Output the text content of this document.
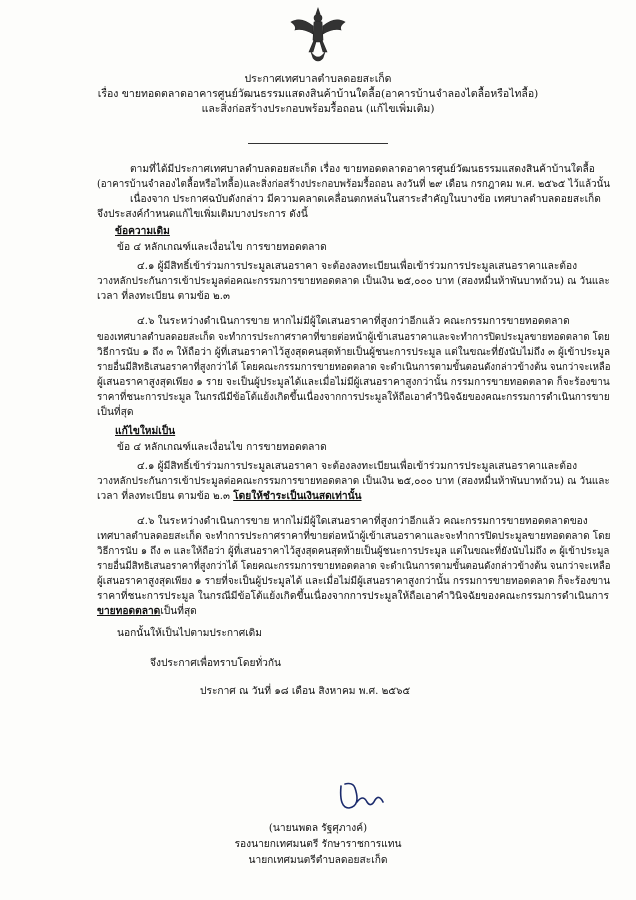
ประกาศเทศบาลตำบลดอยสะเก็ด
เรื่อง ขายทอดตลาดอาคารศูนย์วัฒนธรรมแสดงสินค้าบ้านใตลื้อ(อาคารบ้านจำลองไตลื้อหรือไทลื้อ)
และสิ่งก่อสร้างประกอบพร้อมรื้อถอน (แก้ไขเพิ่มเติม)
ตามที่ได้มีประกาศเทศบาลตำบลดอยสะเก็ด เรื่อง ขายทอดตลาดอาคารศูนย์วัฒนธรรมแสดงสินค้าบ้านใตลื้อ
(อาคารบ้านจำลองไตลื้อหรือไทลื้อ)และสิ่งก่อสร้างประกอบพร้อมรื้อถอน ลงวันที่ ๒๙ เดือน กรกฎาคม พ.ศ. ๒๕๖๕ ไว้แล้วนั้น
เนื่องจาก ประกาศฉบับดังกล่าว มีความคลาดเคลื่อนตกหล่นในสาระสำคัญในบางข้อ เทศบาลตำบลดอยสะเก็ด
จึงประสงค์กำหนดแก้ไขเพิ่มเติมบางประการ ดังนี้
ข้อความเดิม
ข้อ ๔ หลักเกณฑ์และเงื่อนไข การขายทอดตลาด
๔.๑ ผู้มีสิทธิ์เข้าร่วมการประมูลเสนอราคา จะต้องลงทะเบียนเพื่อเข้าร่วมการประมูลเสนอราคาและต้อง
วางหลักประกันการเข้าประมูลต่อคณะกรรมการขายทอดตลาด เป็นเงิน ๒๕,๐๐๐ บาท (สองหมื่นห้าพันบาทถ้วน) ณ วันและ
เวลา ที่ลงทะเบียน ตามข้อ ๒.๓
๔.๖ ในระหว่างดำเนินการขาย หากไม่มีผู้ใดเสนอราคาที่สูงกว่าอีกแล้ว คณะกรรมการขายทอดตลาด
ของเทศบาลตำบลดอยสะเก็ด จะทำการประกาศราคาที่ขายต่อหน้าผู้เข้าเสนอราคาและจะทำการปิดประมูลขายทอดตลาด โดย
วิธีการนับ ๑ ถึง ๓ ให้ถือว่า ผู้ที่เสนอราคาไว้สูงสุดคนสุดท้ายเป็นผู้ชนะการประมูล แต่ในขณะที่ยังนับไม่ถึง ๓ ผู้เข้าประมูล
รายอื่นมีสิทธิเสนอราคาที่สูงกว่าได้ โดยคณะกรรมการขายทอดตลาด จะดำเนินการตามขั้นตอนดังกล่าวข้างต้น จนกว่าจะเหลือ
ผู้เสนอราคาสูงสุดเพียง ๑ ราย จะเป็นผู้ประมูลได้และเมื่อไม่มีผู้เสนอราคาสูงกว่านั้น กรรมการขายทอดตลาด ก็จะร้องขาน
ราคาที่ชนะการประมูล ในกรณีมีข้อโต้แย้งเกิดขึ้นเนื่องจากการประมูลให้ถือเอาคำวินิจฉัยของคณะกรรมการดำเนินการขาย
เป็นที่สุด
แก้ไขใหม่เป็น
ข้อ ๔ หลักเกณฑ์และเงื่อนไข การขายทอดตลาด
๔.๑ ผู้มีสิทธิ์เข้าร่วมการประมูลเสนอราคา จะต้องลงทะเบียนเพื่อเข้าร่วมการประมูลเสนอราคาและต้อง
วางหลักประกันการเข้าประมูลต่อคณะกรรมการขายทอดตลาด เป็นเงิน ๒๕,๐๐๐ บาท (สองหมื่นห้าพันบาทถ้วน) ณ วันและ
เวลา ที่ลงทะเบียน ตามข้อ ๒.๓ โดยให้ชำระเป็นเงินสดเท่านั้น
๔.๖ ในระหว่างดำเนินการขาย หากไม่มีผู้ใดเสนอราคาที่สูงกว่าอีกแล้ว คณะกรรมการขายทอดตลาดของ
เทศบาลตำบลดอยสะเก็ด จะทำการประกาศราคาที่ขายต่อหน้าผู้เข้าเสนอราคาและจะทำการปิดประมูลขายทอดตลาด โดย
วิธีการนับ ๑ ถึง ๓ และให้ถือว่า ผู้ที่เสนอราคาไว้สูงสุดคนสุดท้ายเป็นผู้ชนะการประมูล แต่ในขณะที่ยังนับไม่ถึง ๓ ผู้เข้าประมูล
รายอื่นมีสิทธิเสนอราคาที่สูงกว่าได้ โดยคณะกรรมการขายทอดตลาด จะดำเนินการตามขั้นตอนดังกล่าวข้างต้น จนกว่าจะเหลือ
ผู้เสนอราคาสูงสุดเพียง ๑ รายที่จะเป็นผู้ประมูลได้ และเมื่อไม่มีผู้เสนอราคาสูงกว่านั้น กรรมการขายทอดตลาด ก็จะร้องขาน
ราคาที่ชนะการประมูล ในกรณีมีข้อโต้แย้งเกิดขึ้นเนื่องจากการประมูลให้ถือเอาคำวินิจฉัยของคณะกรรมการดำเนินการ
ขายทอดตลาดเป็นที่สุด
นอกนั้นให้เป็นไปตามประกาศเดิม
จึงประกาศเพื่อทราบโดยทั่วกัน
ประกาศ ณ วันที่ ๑๘ เดือน สิงหาคม พ.ศ. ๒๕๖๕
(นายนพดล รัฐศุภางค์)
รองนายกเทศมนตรี รักษาราชการแทน
นายกเทศมนตรีตำบลดอยสะเก็ด
